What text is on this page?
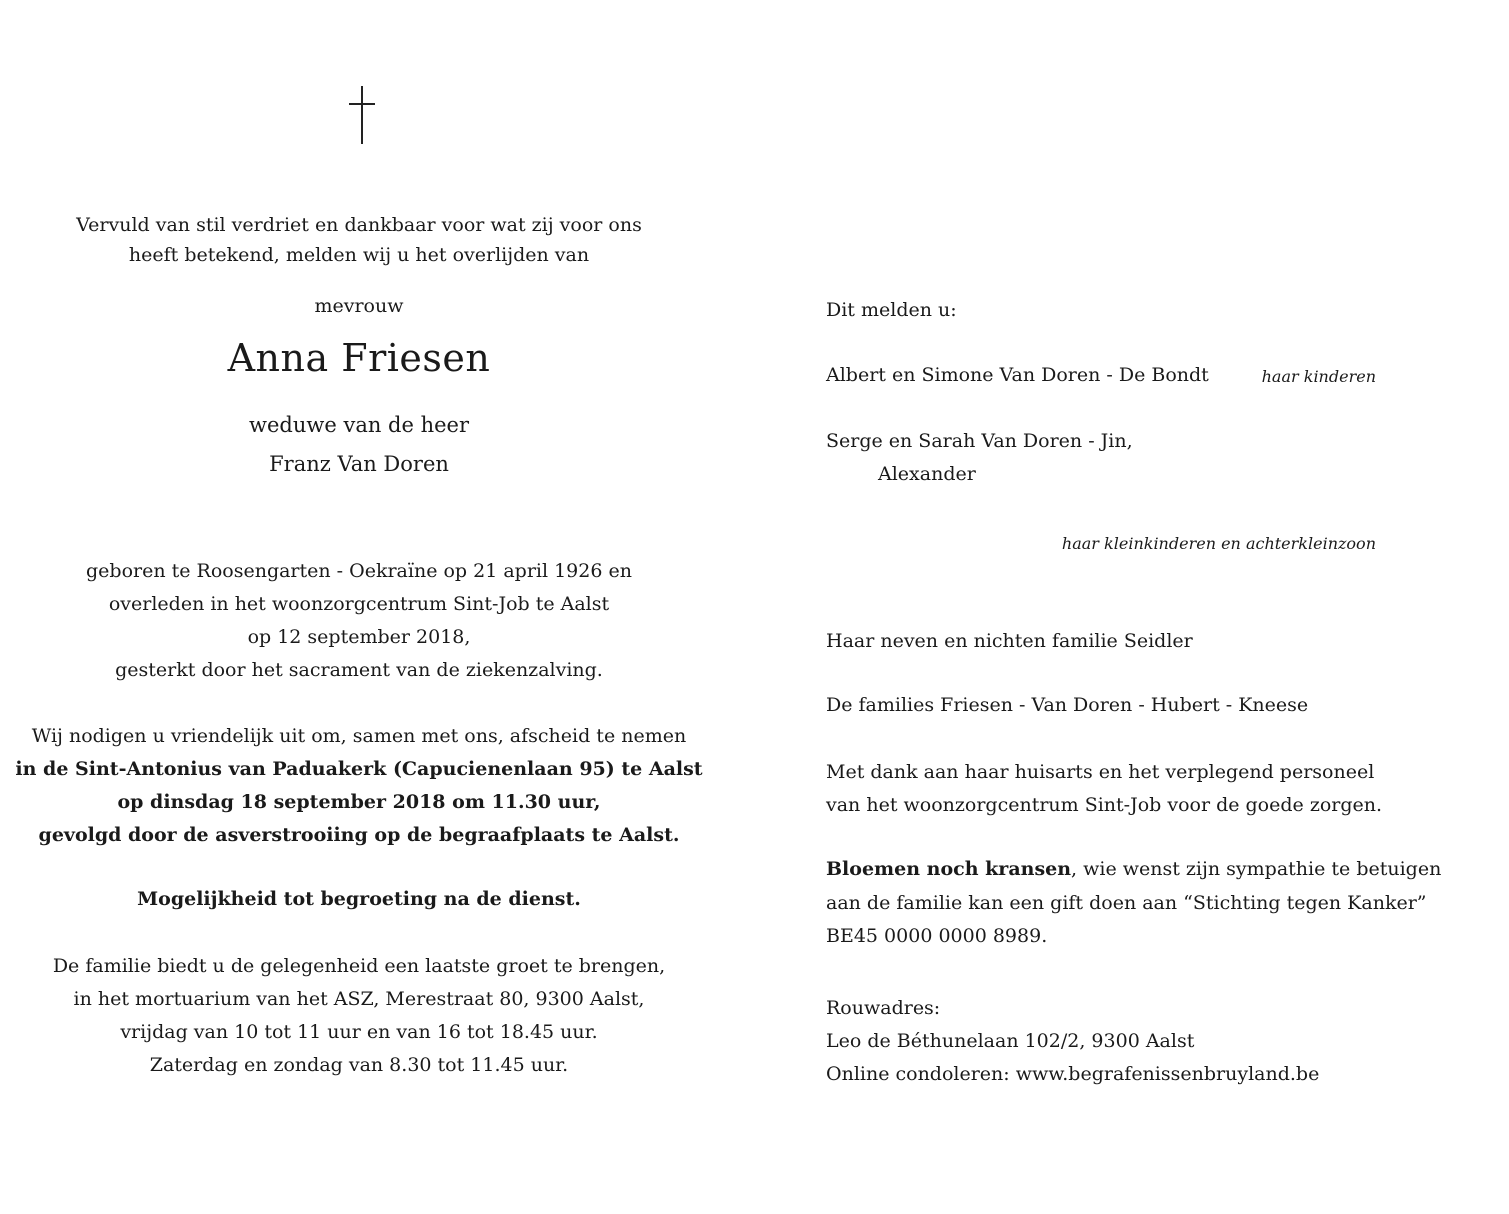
Vervuld van stil verdriet en dankbaar voor wat zij voor ons
heeft betekend, melden wij u het overlijden van
mevrouw
Anna Friesen
weduwe van de heer
Franz Van Doren
geboren te Roosengarten - Oekraïne op 21 april 1926 en
overleden in het woonzorgcentrum Sint-Job te Aalst
op 12 september 2018,
gesterkt door het sacrament van de ziekenzalving.
Wij nodigen u vriendelijk uit om, samen met ons, afscheid te nemen
in de Sint-Antonius van Paduakerk (Capucienenlaan 95) te Aalst
op dinsdag 18 september 2018 om 11.30 uur,
gevolgd door de asverstrooiing op de begraafplaats te Aalst.
Mogelijkheid tot begroeting na de dienst.
De familie biedt u de gelegenheid een laatste groet te brengen,
in het mortuarium van het ASZ, Merestraat 80, 9300 Aalst,
vrijdag van 10 tot 11 uur en van 16 tot 18.45 uur.
Zaterdag en zondag van 8.30 tot 11.45 uur.
Dit melden u:
Albert en Simone Van Doren - De Bondt	haar kinderen
Serge en Sarah Van Doren - Jin,
Alexander
haar kleinkinderen en achterkleinzoon
Haar neven en nichten familie Seidler
De families Friesen - Van Doren - Hubert - Kneese
Met dank aan haar huisarts en het verplegend personeel
van het woonzorgcentrum Sint-Job voor de goede zorgen.
Bloemen noch kransen, wie wenst zijn sympathie te betuigen
aan de familie kan een gift doen aan “Stichting tegen Kanker”
BE45 0000 0000 8989.
Rouwadres:
Leo de Béthunelaan 102/2, 9300 Aalst
Online condoleren: www.begrafenissenbruyland.be
